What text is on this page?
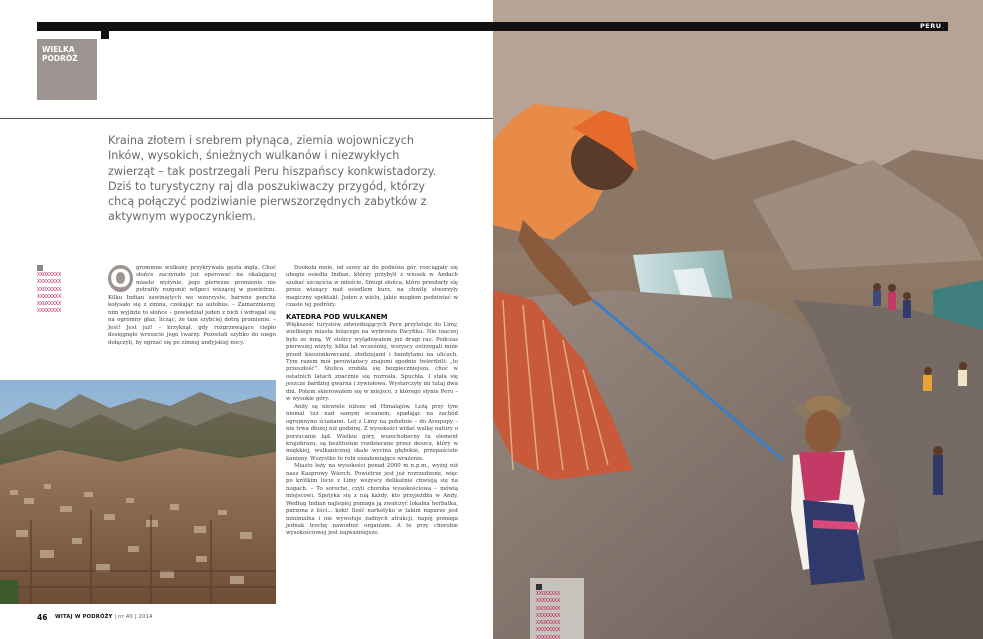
WIELKA
PODRÓŻ

Kraina złotem i srebrem płynąca, ziemia wojowniczych Inków, wysokich, śnieżnych wulkanów i niezwykłych zwierząt – tak postrzegali Peru hiszpańscy konkwistadorzy. Dziś to turystyczny raj dla poszukiwaczy przygód, którzy chcą połączyć podziwianie pierwszorzędnych zabytków z aktywnym wypoczynkiem.

XXOXXXXX
XXXXXXXX
XXOXXXXX
XXXXXXXX
XXOXXXXX
XXXXXXXX
O grommne wulkany przykrywała gęsta mgła. Choć słońce zaczynało już operować na okalającej miasto wyżynie, jego pierwsze promienie nie potrafiły rozgonić wilgoci wiszącej w powietrzu. Kilku Indian zawiniętych we wzorzyste, barwne poncha kołysało się z zimna, czekając na autobus. – Zamarzniemy, nim wyjdzie to słońce – powiedział jeden z nich i wdrapał się na ogromny głaz, licząc, że tam szybciej dotrą promienie. – Jest! Jest już! – krzyknął, gdy rozgrzewające ciepło dosięgnęło wreszcie jego twarzy. Pozostali szybko do niego dołączyli, by ogrzać się po zimnej andyjskiej nocy.

Dookoła mnie, od szosy aż do podnóża gór, rozciągały się ubogie osiedla Indian, którzy przybyli z wiosek w Andach szukać szczęścia w mieście. Smugi słońca, które przedarły się przez wiszący nad osiedlem kurz, na chwilę stworzyły magiczny spektakl. Jeden z wielu, jakie mogłem podziwiać w czasie tej podróży.

KATEDRA POD WULKANEM

Większość turystów odwiedzających Peru przylatuje do Limy, wielkiego miasta leżącego na wybrzeżu Pacyfiku. Nie inaczej było ze mną. W stolicy wylądowałem już drugi raz. Podczas pierwszej wizyty, kilka lat wcześniej, wszyscy ostrzegali mnie przed kieszonkowcami, złodziejami i bandytami na ulicach. Tym razem moi peruwiańscy znajomi zgodnie twierdzili: „to przeszłość”. Stolica zrobiła się bezpieczniejsza, choć w ostatnich latach znacznie się rozrosła. Spuchła. I stała się jeszcze bardziej gwarna i żywiołowa. Wystarczyły mi tutaj dwa dni. Potem skierowałem się w miejsce, z którego słynie Peru – w wysokie góry.

Andy są niewiele niższe od Himalajów. Leżą przy tym niemal tuż nad samym oceanem, spadając na zachód ogromnymi ścianami. Lot z Limy na południe – do Arequipy – nie trwa dłużej niż godzinę. Z wysokości widać walkę natury o porzucanie ląd. Wielkie góry, wszechobecny tu element krajobrazu, są bezlitośnie rozdzierane przez deszcz, który w miękkiej, wulkanicznej skale wycina głębokie, przepaściste kaniony. Wszystko to robi oszałamiające wrażenie.

Miasto leży na wysokości ponad 2000 m n.p.m., wyżej niż nasz Kasprowy Wierch. Powietrze jest już rozrzedzone, więc po krótkim locie z Limy wszyscy delikatnie chwieją się na nogach. – To soroche, czyli choroba wysokościowa – mówią miejscowi. Spotyka się z nią każdy, kto przyjeżdża w Andy. Według Indian najlepiej pomaga ją zwalczyć lokalna herbatka, parzona z liści... koki! Ilość narkotyku w takim naparze jest minimalna i nie wywołuje żadnych atrakcji, napój pomaga jednak trochę nawodnić organizm. A to przy chorobie wysokościowej jest najważniejsze.

46 WITAJ W PODRÓŻY | nr 40 | 2014
PERU
XXOXXXXX
XXXXXXXX
XXOXXXXX
XXXXXXXX
XXOXXXXX
XXXXXXXX
XXXXXXXX
